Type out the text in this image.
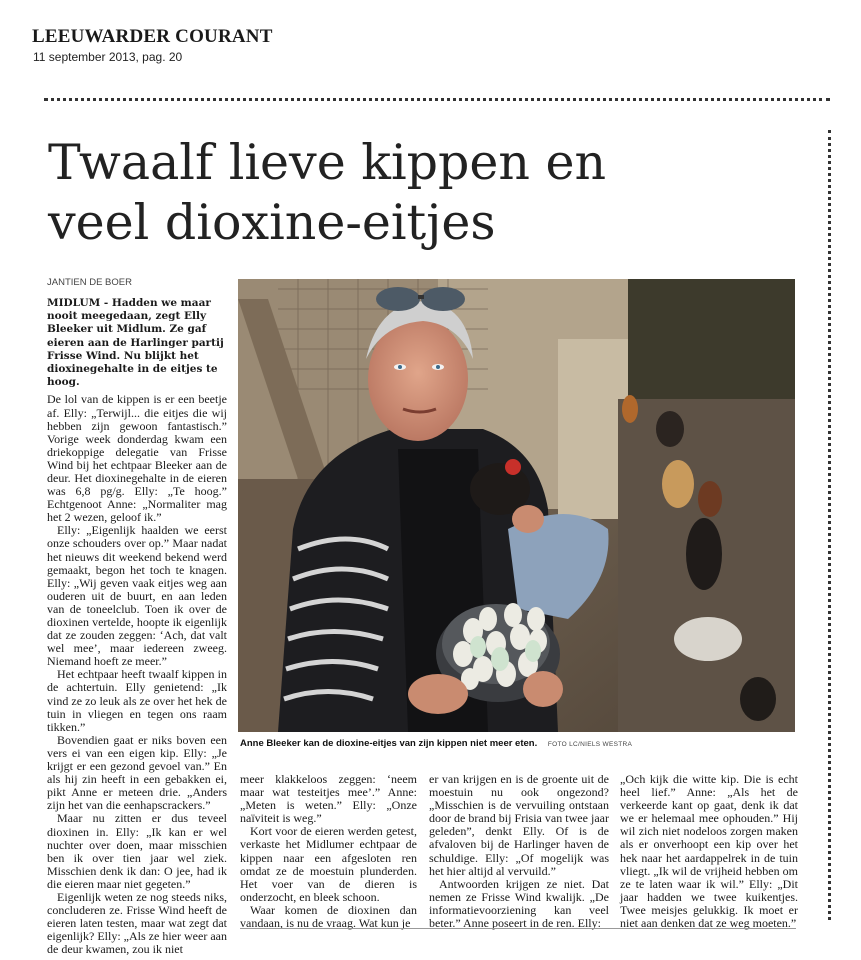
LEEUWARDER COURANT
11 september 2013, pag. 20
Twaalf lieve kippen en
veel dioxine-eitjes
JANTIEN DE BOER
MIDLUM - Hadden we maar nooit meegedaan, zegt Elly Bleeker uit Midlum. Ze gaf eieren aan de Harlinger partij Frisse Wind. Nu blijkt het dioxinegehalte in de eitjes te hoog.

De lol van de kippen is er een beetje af. Elly: „Terwijl... die eitjes die wij hebben zijn gewoon fantastisch.” Vorige week donderdag kwam een driekoppige delegatie van Frisse Wind bij het echtpaar Bleeker aan de deur. Het dioxinegehalte in de eieren was 6,8 pg/g. Elly: „Te hoog.” Echtgenoot Anne: „Normaliter mag het 2 wezen, geloof ik.”

Elly: „Eigenlijk haalden we eerst onze schouders over op.” Maar nadat het nieuws dit weekend bekend werd gemaakt, begon het toch te knagen. Elly: „Wij geven vaak eitjes weg aan ouderen uit de buurt, en aan leden van de toneelclub. Toen ik over de dioxinen vertelde, hoopte ik eigenlijk dat ze zouden zeggen: ‘Ach, dat valt wel mee’, maar iedereen zweeg. Niemand hoeft ze meer.”

Het echtpaar heeft twaalf kippen in de achtertuin. Elly genietend: „Ik vind ze zo leuk als ze over het hek de tuin in vliegen en tegen ons raam tikken.”

Bovendien gaat er niks boven een vers ei van een eigen kip. Elly: „Je krijgt er een gezond gevoel van.” En als hij zin heeft in een gebakken ei, pikt Anne er meteen drie. „Anders zijn het van die eenhapscrackers.”

Maar nu zitten er dus teveel dioxinen in. Elly: „Ik kan er wel nuchter over doen, maar misschien ben ik over tien jaar wel ziek. Misschien denk ik dan: O jee, had ik die eieren maar niet gegeten.”

Eigenlijk weten ze nog steeds niks, concluderen ze. Frisse Wind heeft de eieren laten testen, maar wat zegt dat eigenlijk? Elly: „Als ze hier weer aan de deur kwamen, zou ik niet

Anne Bleeker kan de dioxine-eitjes van zijn kippen niet meer eten. FOTO LC/NIELS WESTRA

meer klakkeloos zeggen: ‘neem maar wat testeitjes mee’.” Anne: „Meten is weten.” Elly: „Onze naïviteit is weg.”

Kort voor de eieren werden getest, verkaste het Midlumer echtpaar de kippen naar een afgesloten ren omdat ze de moestuin plunderden. Het voer van de dieren is onderzocht, en bleek schoon.

Waar komen de dioxinen dan vandaan, is nu de vraag. Wat kun je

er van krijgen en is de groente uit de moestuin nu ook ongezond? „Misschien is de vervuiling ontstaan door de brand bij Frisia van twee jaar geleden”, denkt Elly. Of is de afvaloven bij de Harlinger haven de schuldige. Elly: „Of mogelijk was het hier altijd al vervuild.”

Antwoorden krijgen ze niet. Dat nemen ze Frisse Wind kwalijk. „De informatievoorziening kan veel beter.” Anne poseert in de ren. Elly:

„Och kijk die witte kip. Die is echt heel lief.” Anne: „Als het de verkeerde kant op gaat, denk ik dat we er helemaal mee ophouden.” Hij wil zich niet nodeloos zorgen maken als er onverhoopt een kip over het hek naar het aardappelrek in de tuin vliegt. „Ik wil de vrijheid hebben om ze te laten waar ik wil.” Elly: „Dit jaar hadden we twee kuikentjes. Twee meisjes gelukkig. Ik moet er niet aan denken dat ze weg moeten.”
